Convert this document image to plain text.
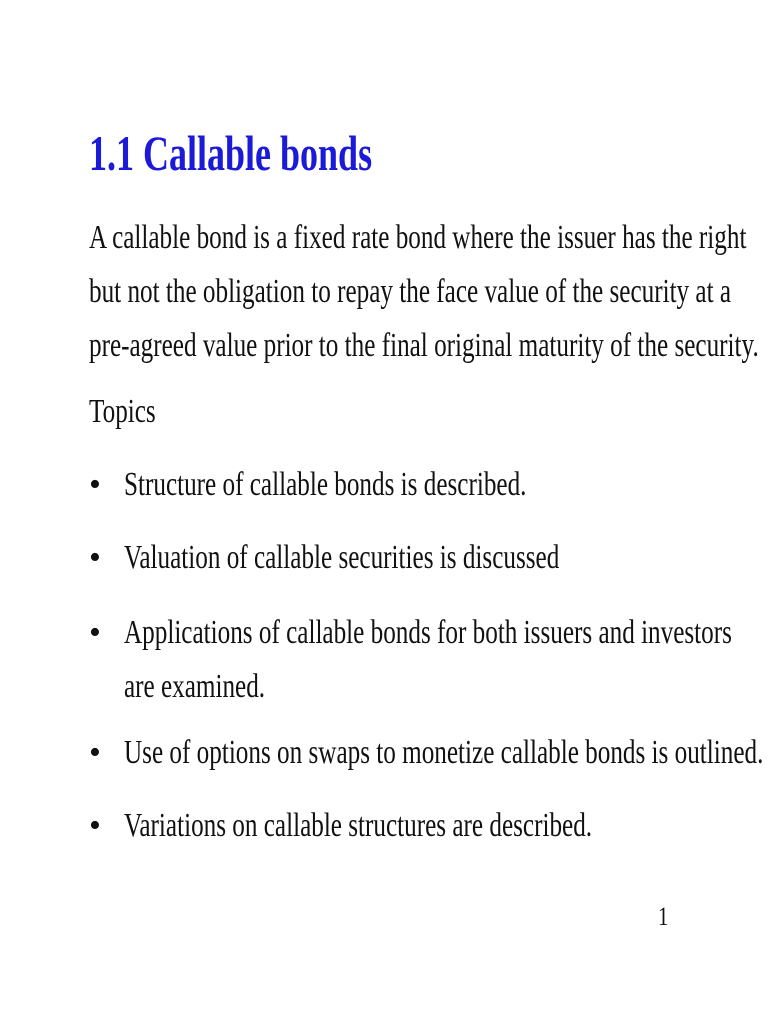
1.1 Callable bonds
A callable bond is a fixed rate bond where the issuer has the right
but not the obligation to repay the face value of the security at a
pre-agreed value prior to the final original maturity of the security.
Topics
• Structure of callable bonds is described.
• Valuation of callable securities is discussed
• Applications of callable bonds for both issuers and investors
are examined.
• Use of options on swaps to monetize callable bonds is outlined.
• Variations on callable structures are described.
1
